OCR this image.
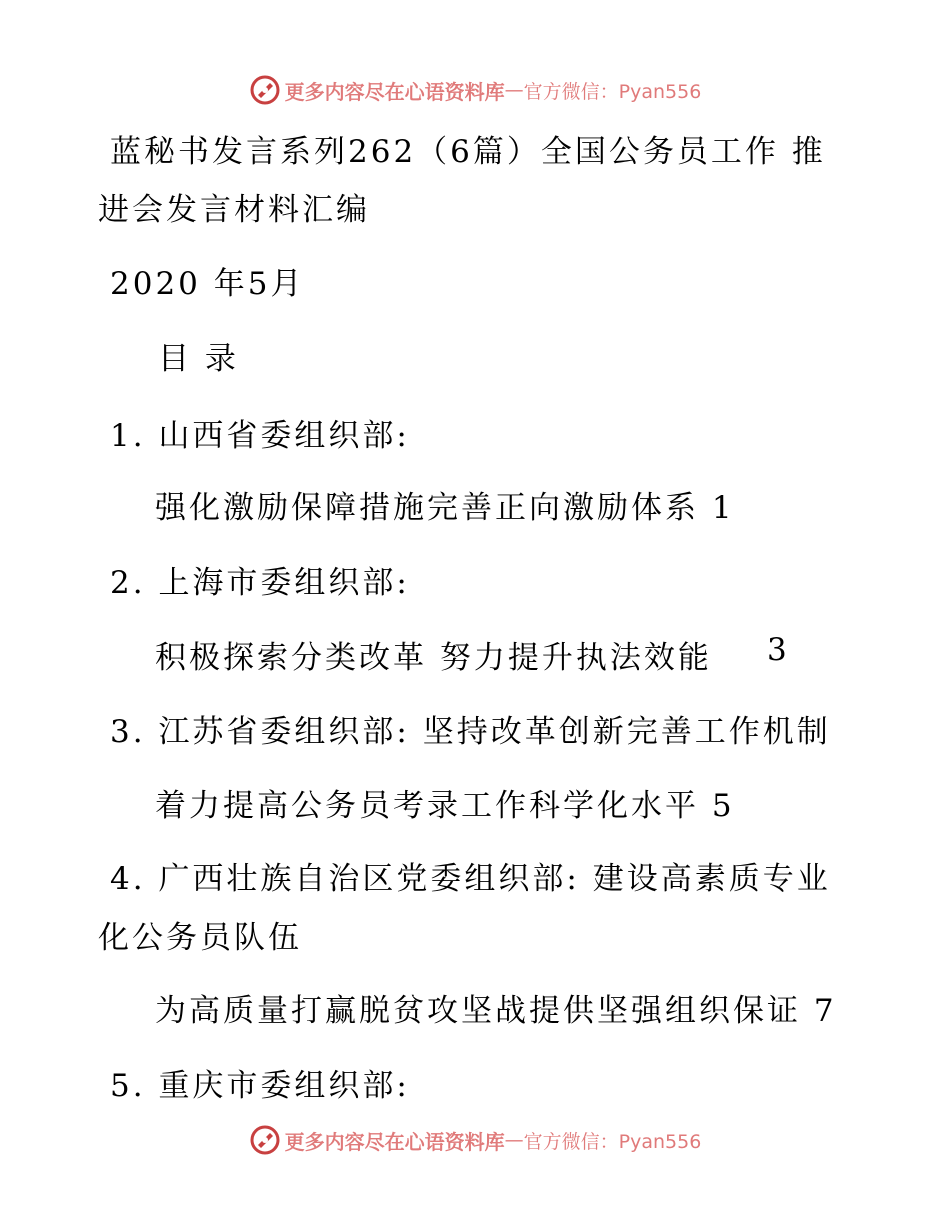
更多内容尽在心语资料库 — 官方微信：Pyan556
蓝秘书发言系列262（6篇）全国公务员工作 推
进会发言材料汇编
2020 年5月
目 录
1. 山西省委组织部:
强化激励保障措施完善正向激励体系 1
2. 上海市委组织部:
积极探索分类改革 努力提升执法效能 3
3. 江苏省委组织部: 坚持改革创新完善工作机制
着力提高公务员考录工作科学化水平 5
4. 广西壮族自治区党委组织部: 建设高素质专业
化公务员队伍
为高质量打赢脱贫攻坚战提供坚强组织保证 7
5. 重庆市委组织部:
更多内容尽在心语资料库 — 官方微信：Pyan556
